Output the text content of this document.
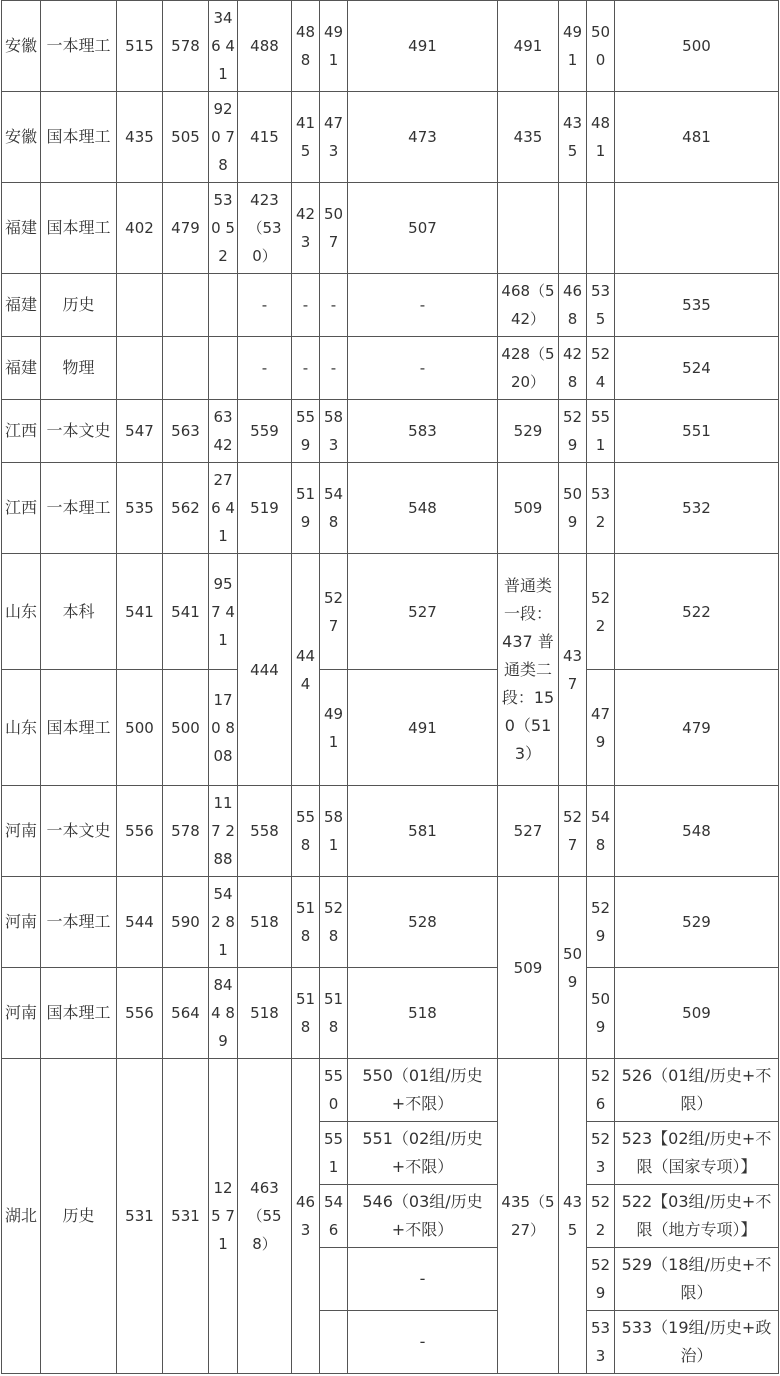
安徽	一本理工	515	578	346 41	488	488	491	491	491	491	500	500
安徽	国本理工	435	505	920 78	415	415	473	473	435	435	481	481
福建	国本理工	402	479	530 52	423（530）	423	507	507				
福建	历史				-	-	-	-	468（542）	468	535	535
福建	物理				-	-	-	-	428（520）	428	524	524
江西	一本文史	547	563	6342	559	559	583	583	529	529	551	551
江西	一本理工	535	562	276 41	519	519	548	548	509	509	532	532
山东	本科	541	541	957 41	444	444	527	527	普通类一段：437 普通类二段：150（513）	437	522	522
山东	国本理工	500	500	170 808			491	491			479	479
河南	一本文史	556	578	117 288	558	558	581	581	527	527	548	548
河南	一本理工	544	590	542 81	518	518	528	528	509	509	529	529
河南	国本理工	556	564	844 89	518	518	518	518			509	509
湖北	历史	531	531	125 71	463（558）	463	550	550（01组/历史+不限）	435（527）	435	526	526（01组/历史+不限）
							551	551（02组/历史+不限）			523	523【02组/历史+不限（国家专项）】
							546	546（03组/历史+不限）			522	522【03组/历史+不限（地方专项）】
								-			529	529（18组/历史+不限）
								-			533	533（19组/历史+政治）
